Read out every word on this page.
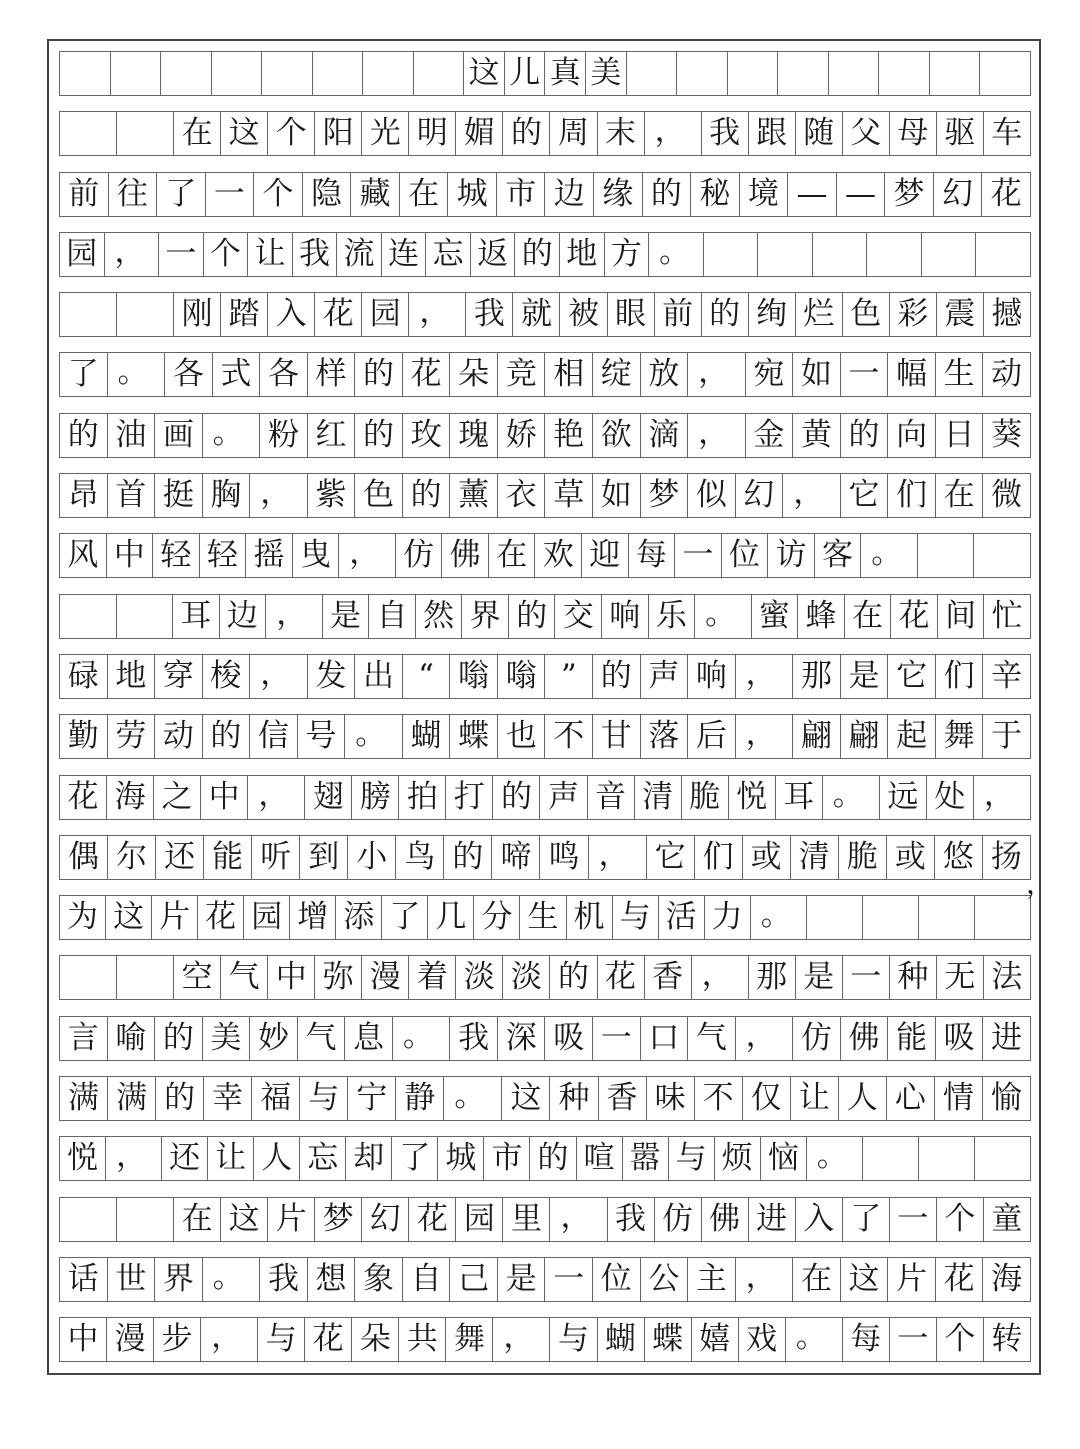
这 儿 真 美
在 这 个 阳 光 明 媚 的 周 末 ， 我 跟 随 父 母 驱 车
前 往 了 一 个 隐 藏 在 城 市 边 缘 的 秘 境 — — 梦 幻 花
园 ， 一 个 让 我 流 连 忘 返 的 地 方 。
刚 踏 入 花 园 ， 我 就 被 眼 前 的 绚 烂 色 彩 震 撼
了 。 各 式 各 样 的 花 朵 竞 相 绽 放 ， 宛 如 一 幅 生 动
的 油 画 。 粉 红 的 玫 瑰 娇 艳 欲 滴 ， 金 黄 的 向 日 葵
昂 首 挺 胸 ， 紫 色 的 薰 衣 草 如 梦 似 幻 ， 它 们 在 微
风 中 轻 轻 摇 曳 ， 仿 佛 在 欢 迎 每 一 位 访 客 。
耳 边 ， 是 自 然 界 的 交 响 乐 。 蜜 蜂 在 花 间 忙
碌 地 穿 梭 ， 发 出 “ 嗡 嗡 ” 的 声 响 ， 那 是 它 们 辛
勤 劳 动 的 信 号 。 蝴 蝶 也 不 甘 落 后 ， 翩 翩 起 舞 于
花 海 之 中 ， 翅 膀 拍 打 的 声 音 清 脆 悦 耳 。 远 处 ，
偶 尔 还 能 听 到 小 鸟 的 啼 鸣 ， 它 们 或 清 脆 或 悠 扬
为 这 片 花 园 增 添 了 几 分 生 机 与 活 力 。
空 气 中 弥 漫 着 淡 淡 的 花 香 ， 那 是 一 种 无 法
言 喻 的 美 妙 气 息 。 我 深 吸 一 口 气 ， 仿 佛 能 吸 进
满 满 的 幸 福 与 宁 静 。 这 种 香 味 不 仅 让 人 心 情 愉
悦 ， 还 让 人 忘 却 了 城 市 的 喧 嚣 与 烦 恼 。
在 这 片 梦 幻 花 园 里 ， 我 仿 佛 进 入 了 一 个 童
话 世 界 。 我 想 象 自 己 是 一 位 公 主 ， 在 这 片 花 海
中 漫 步 ， 与 花 朵 共 舞 ， 与 蝴 蝶 嬉 戏 。 每 一 个 转
，
